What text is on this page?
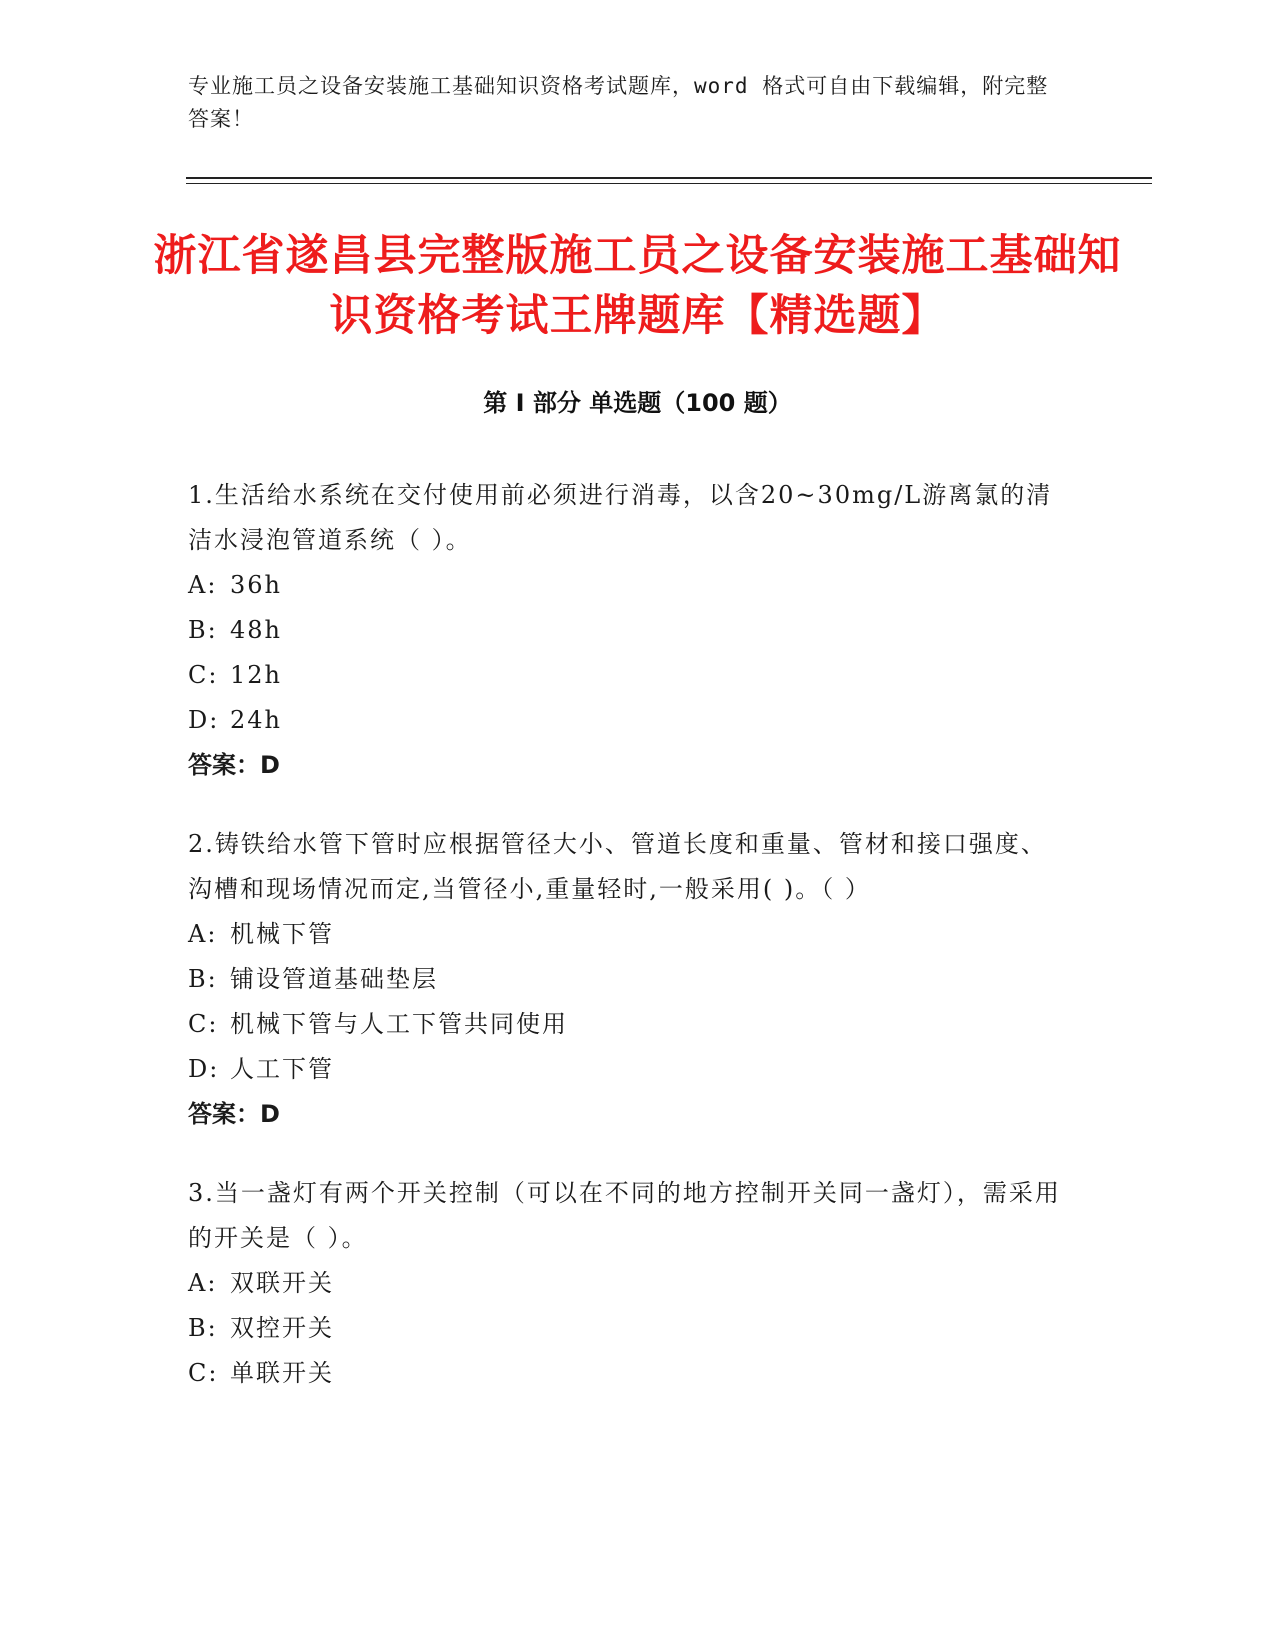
专业施工员之设备安装施工基础知识资格考试题库，word 格式可自由下载编辑，附完整答案！
浙江省遂昌县完整版施工员之设备安装施工基础知识资格考试王牌题库【精选题】
第 I 部分 单选题（100 题）

1.生活给水系统在交付使用前必须进行消毒，以含20~30mg/L游离氯的清洁水浸泡管道系统（ ）。

A: 36h

B: 48h

C: 12h

D: 24h

答案：D

2.铸铁给水管下管时应根据管径大小、管道长度和重量、管材和接口强度、沟槽和现场情况而定,当管径小,重量轻时,一般采用( )。（ ）

A: 机械下管

B: 铺设管道基础垫层

C: 机械下管与人工下管共同使用

D: 人工下管

答案：D

3.当一盏灯有两个开关控制（可以在不同的地方控制开关同一盏灯），需采用的开关是（ ）。

A: 双联开关

B: 双控开关

C: 单联开关
